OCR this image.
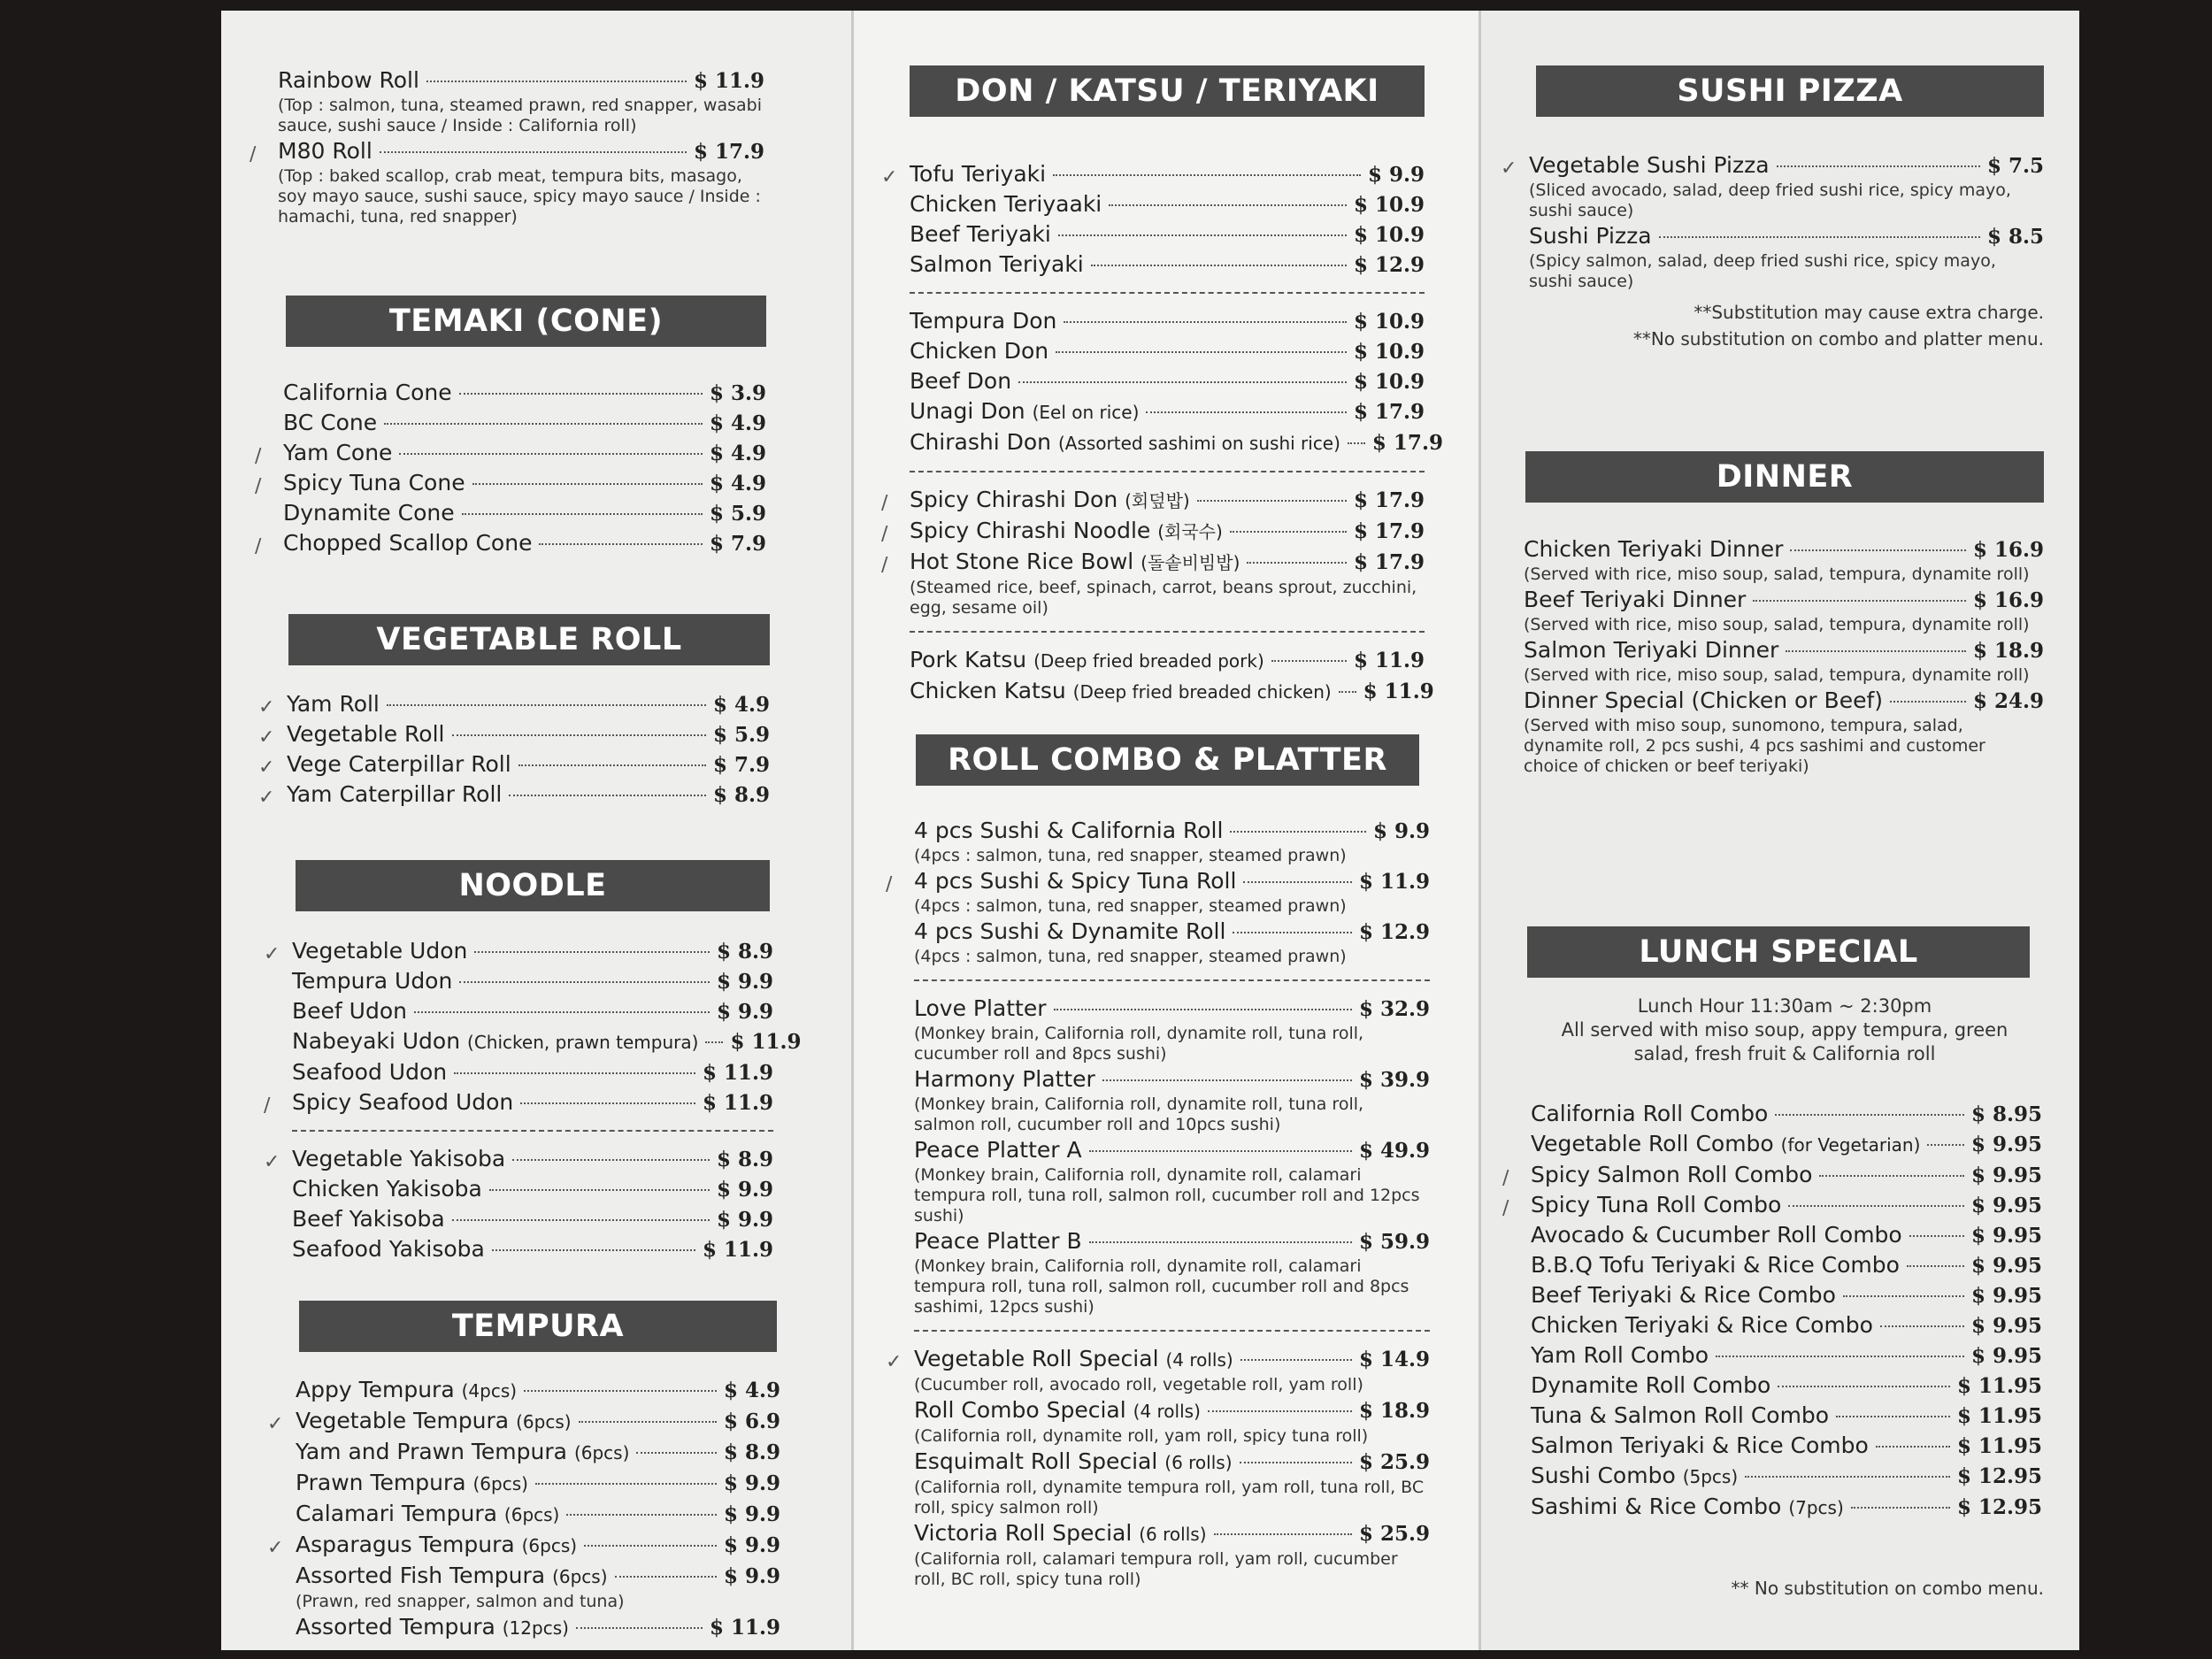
Rainbow Roll	$ 11.9
(Top : salmon, tuna, steamed prawn, red snapper, wasabi sauce, sushi sauce / Inside : California roll)
∕ M80 Roll	$ 17.9
(Top : baked scallop, crab meat, tempura bits, masago, soy mayo sauce, sushi sauce, spicy mayo sauce / Inside : hamachi, tuna, red snapper)
TEMAKI (CONE)
California Cone	$ 3.9
BC Cone	$ 4.9
∕ Yam Cone	$ 4.9
∕ Spicy Tuna Cone	$ 4.9
Dynamite Cone	$ 5.9
∕ Chopped Scallop Cone	$ 7.9
VEGETABLE ROLL
✓ Yam Roll	$ 4.9
✓ Vegetable Roll	$ 5.9
✓ Vege Caterpillar Roll	$ 7.9
✓ Yam Caterpillar Roll	$ 8.9
NOODLE
✓ Vegetable Udon	$ 8.9
Tempura Udon	$ 9.9
Beef Udon	$ 9.9
Nabeyaki Udon (Chicken, prawn tempura) $ 11.9
Seafood Udon	$ 11.9
∕ Spicy Seafood Udon	$ 11.9
✓ Vegetable Yakisoba	$ 8.9
Chicken Yakisoba	$ 9.9
Beef Yakisoba	$ 9.9
Seafood Yakisoba	$ 11.9
TEMPURA
Appy Tempura (4pcs)	$ 4.9
✓ Vegetable Tempura (6pcs)	$ 6.9
Yam and Prawn Tempura (6pcs)	$ 8.9
Prawn Tempura (6pcs)	$ 9.9
Calamari Tempura (6pcs)	$ 9.9
✓ Asparagus Tempura (6pcs)	$ 9.9
Assorted Fish Tempura (6pcs)	$ 9.9
(Prawn, red snapper, salmon and tuna)
Assorted Tempura (12pcs)	$ 11.9
DON / KATSU / TERIYAKI
✓ Tofu Teriyaki	$ 9.9
Chicken Teriyaaki	$ 10.9
Beef Teriyaki	$ 10.9
Salmon Teriyaki	$ 12.9
Tempura Don	$ 10.9
Chicken Don	$ 10.9
Beef Don	$ 10.9
Unagi Don (Eel on rice)	$ 17.9
Chirashi Don (Assorted sashimi on sushi rice) $ 17.9
∕ Spicy Chirashi Don (회덮밥)	$ 17.9
∕ Spicy Chirashi Noodle (회국수)	$ 17.9
∕ Hot Stone Rice Bowl (돌솥비빔밥)	$ 17.9
(Steamed rice, beef, spinach, carrot, beans sprout, zucchini, egg, sesame oil)
Pork Katsu (Deep fried breaded pork)	$ 11.9
Chicken Katsu (Deep fried breaded chicken) $ 11.9
ROLL COMBO & PLATTER
4 pcs Sushi & California Roll	$ 9.9
(4pcs : salmon, tuna, red snapper, steamed prawn)
∕ 4 pcs Sushi & Spicy Tuna Roll	$ 11.9
(4pcs : salmon, tuna, red snapper, steamed prawn)
4 pcs Sushi & Dynamite Roll	$ 12.9
(4pcs : salmon, tuna, red snapper, steamed prawn)
Love Platter	$ 32.9
(Monkey brain, California roll, dynamite roll, tuna roll, cucumber roll and 8pcs sushi)
Harmony Platter	$ 39.9
(Monkey brain, California roll, dynamite roll, tuna roll, salmon roll, cucumber roll and 10pcs sushi)
Peace Platter A	$ 49.9
(Monkey brain, California roll, dynamite roll, calamari tempura roll, tuna roll, salmon roll, cucumber roll and 12pcs sushi)
Peace Platter B	$ 59.9
(Monkey brain, California roll, dynamite roll, calamari tempura roll, tuna roll, salmon roll, cucumber roll and 8pcs sashimi, 12pcs sushi)
✓ Vegetable Roll Special (4 rolls)	$ 14.9
(Cucumber roll, avocado roll, vegetable roll, yam roll)
Roll Combo Special (4 rolls)	$ 18.9
(California roll, dynamite roll, yam roll, spicy tuna roll)
Esquimalt Roll Special (6 rolls)	$ 25.9
(California roll, dynamite tempura roll, yam roll, tuna roll, BC roll, spicy salmon roll)
Victoria Roll Special (6 rolls)	$ 25.9
(California roll, calamari tempura roll, yam roll, cucumber roll, BC roll, spicy tuna roll)
SUSHI PIZZA
✓ Vegetable Sushi Pizza	$ 7.5
(Sliced avocado, salad, deep fried sushi rice, spicy mayo, sushi sauce)
Sushi Pizza	$ 8.5
(Spicy salmon, salad, deep fried sushi rice, spicy mayo, sushi sauce)
**Substitution may cause extra charge.
**No substitution on combo and platter menu.
DINNER
Chicken Teriyaki Dinner	$ 16.9
(Served with rice, miso soup, salad, tempura, dynamite roll)
Beef Teriyaki Dinner	$ 16.9
(Served with rice, miso soup, salad, tempura, dynamite roll)
Salmon Teriyaki Dinner	$ 18.9
(Served with rice, miso soup, salad, tempura, dynamite roll)
Dinner Special (Chicken or Beef)	$ 24.9
(Served with miso soup, sunomono, tempura, salad, dynamite roll, 2 pcs sushi, 4 pcs sashimi and customer choice of chicken or beef teriyaki)
LUNCH SPECIAL
Lunch Hour 11:30am ~ 2:30pm
All served with miso soup, appy tempura, green salad, fresh fruit & California roll
California Roll Combo	$ 8.95
Vegetable Roll Combo (for Vegetarian)	$ 9.95
∕ Spicy Salmon Roll Combo	$ 9.95
∕ Spicy Tuna Roll Combo	$ 9.95
Avocado & Cucumber Roll Combo	$ 9.95
B.B.Q Tofu Teriyaki & Rice Combo	$ 9.95
Beef Teriyaki & Rice Combo	$ 9.95
Chicken Teriyaki & Rice Combo	$ 9.95
Yam Roll Combo	$ 9.95
Dynamite Roll Combo	$ 11.95
Tuna & Salmon Roll Combo	$ 11.95
Salmon Teriyaki & Rice Combo	$ 11.95
Sushi Combo (5pcs)	$ 12.95
Sashimi & Rice Combo (7pcs)	$ 12.95
** No substitution on combo menu.
